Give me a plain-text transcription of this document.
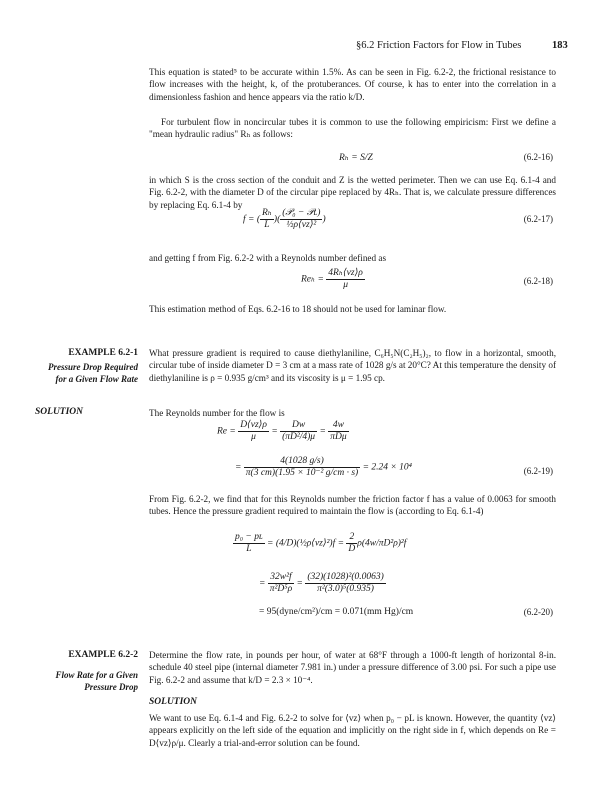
§6.2 Friction Factors for Flow in Tubes	183

This equation is stated⁵ to be accurate within 1.5%. As can be seen in Fig. 6.2-2, the frictional resistance to flow increases with the height, k, of the protuberances. Of course, k has to enter into the correlation in a dimensionless fashion and hence appears via the ratio k/D.

For turbulent flow in noncircular tubes it is common to use the following empiricism: First we define a "mean hydraulic radius" Rₕ as follows:

Rₕ = S/Z	(6.2-16)

in which S is the cross section of the conduit and Z is the wetted perimeter. Then we can use Eq. 6.1-4 and Fig. 6.2-2, with the diameter D of the circular pipe replaced by 4Rₕ. That is, we calculate pressure differences by replacing Eq. 6.1-4 by

f = ( $\frac{\text{Rₕ}}{L}$ )( $\frac{\text{(𝒫₀ − 𝒫ʟ)}}{\text{½ρ⟨vz⟩²}}$ )	(6.2-17)

and getting f from Fig. 6.2-2 with a Reynolds number defined as

$Re_h = \frac{\text{4Rₕ⟨vz⟩ρ}}{\mu}$	(6.2-18)

This estimation method of Eqs. 6.2-16 to 18 should not be used for laminar flow.

EXAMPLE 6.2-1
Pressure Drop Required
for a Given Flow Rate

What pressure gradient is required to cause diethylaniline, C₆H₅N(C₂H₅)₂, to flow in a horizontal, smooth, circular tube of inside diameter D = 3 cm at a mass rate of 1028 g/s at 20°C? At this temperature the density of diethylaniline is ρ = 0.935 g/cm³ and its viscosity is μ = 1.95 cp.

SOLUTION	The Reynolds number for the flow is

$Re = \frac{D⟨vz⟩\rho}{\mu} = \frac{Dw}{\text{(πD²/4)μ}} = \frac{4w}{\text{πDμ}}$
= $\frac{4(1028 g/s)}{\text{π(3 cm)(1.95 × 10⁻² g/cm · s)}} = 2.24 \times 10^4$	(6.2-19)

From Fig. 6.2-2, we find that for this Reynolds number the friction factor f has a value of 0.0063 for smooth tubes. Hence the pressure gradient required to maintain the flow is (according to Eq. 6.1-4)

$\frac{\text{p₀ − pʟ}}{L}$ = (4/D)(½ρ⟨vz⟩²)f = $\frac{2}{D} \rho(4w/\pi D^2\rho)^2f$
= $\frac{\text{32w²f}}{\text{π²D⁵ρ}} = \frac{\text{(32)(1028)²(0.0063)}}{\text{π²(3.0)⁵(0.935)}}$
= 95(dyne/cm²)/cm = 0.071(mm Hg)/cm	(6.2-20)
EXAMPLE 6.2-2
Flow Rate for a Given
Pressure Drop

Determine the flow rate, in pounds per hour, of water at 68°F through a 1000-ft length of horizontal 8-in. schedule 40 steel pipe (internal diameter 7.981 in.) under a pressure difference of 3.00 psi. For such a pipe use Fig. 6.2-2 and assume that k/D = 2.3 × 10⁻⁴.

SOLUTION

We want to use Eq. 6.1-4 and Fig. 6.2-2 to solve for ⟨vz⟩ when p₀ − pL is known. However, the quantity ⟨vz⟩ appears explicitly on the left side of the equation and implicitly on the right side in f, which depends on Re = D⟨vz⟩ρ/μ. Clearly a trial-and-error solution can be found.
